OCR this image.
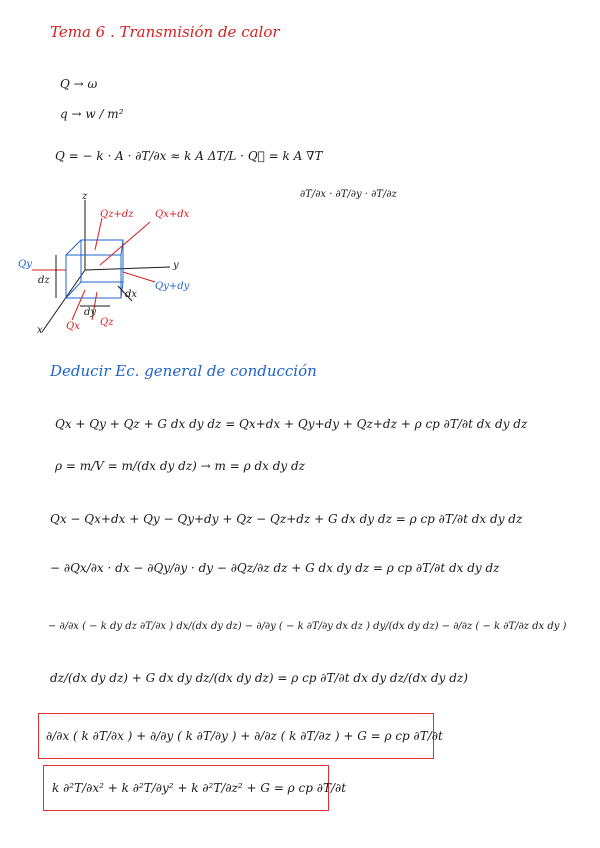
Tema 6 . Transmisión de calor
Q → ω
q → w / m²
Q = − k · A · ∂T/∂x ≈ k A ΔT/L · Q⃗ = k A ∇T
∂T/∂x · ∂T/∂y · ∂T/∂z
Qz+dz Qx+dx
Qy
Qy+dy
Qx Qz
z
y
x
dz
dy
dx
Deducir Ec. general de conducción
Qx + Qy + Qz + G dx dy dz = Qx+dx + Qy+dy + Qz+dz + ρ cp ∂T/∂t dx dy dz
ρ = m/V = m/(dx dy dz) → m = ρ dx dy dz
Qx − Qx+dx + Qy − Qy+dy + Qz − Qz+dz + G dx dy dz = ρ cp ∂T/∂t dx dy dz
− ∂Qx/∂x · dx − ∂Qy/∂y · dy − ∂Qz/∂z dz + G dx dy dz = ρ cp ∂T/∂t dx dy dz
− ∂/∂x ( − k dy dz ∂T/∂x ) dx/(dx dy dz) − ∂/∂y ( − k ∂T/∂y dx dz ) dy/(dx dy dz) − ∂/∂z ( − k ∂T/∂z dx dy )
dz/(dx dy dz) + G dx dy dz/(dx dy dz) = ρ cp ∂T/∂t dx dy dz/(dx dy dz)
∂/∂x ( k ∂T/∂x ) + ∂/∂y ( k ∂T/∂y ) + ∂/∂z ( k ∂T/∂z ) + G = ρ cp ∂T/∂t
k ∂²T/∂x² + k ∂²T/∂y² + k ∂²T/∂z² + G = ρ cp ∂T/∂t
